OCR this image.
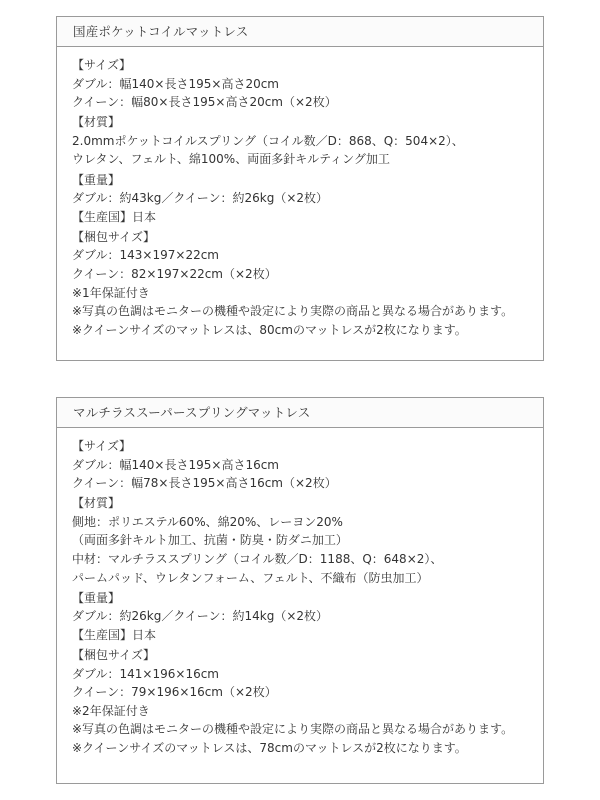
国産ポケットコイルマットレス
【サイズ】
ダブル：幅140×長さ195×高さ20cm
クイーン：幅80×長さ195×高さ20cm（×2枚）
【材質】
2.0mmポケットコイルスプリング（コイル数／D：868、Q：504×2）、
ウレタン、フェルト、綿100%、両面多針キルティング加工
【重量】
ダブル：約43kg／クイーン：約26kg（×2枚）
【生産国】日本
【梱包サイズ】
ダブル：143×197×22cm
クイーン：82×197×22cm（×2枚）
※1年保証付き
※写真の色調はモニターの機種や設定により実際の商品と異なる場合があります。
※クイーンサイズのマットレスは、80cmのマットレスが2枚になります。
マルチラススーパースプリングマットレス
【サイズ】
ダブル：幅140×長さ195×高さ16cm
クイーン：幅78×長さ195×高さ16cm（×2枚）
【材質】
側地：ポリエステル60%、綿20%、レーヨン20%
（両面多針キルト加工、抗菌・防臭・防ダニ加工）
中材：マルチラススプリング（コイル数／D：1188、Q：648×2）、
パームパッド、ウレタンフォーム、フェルト、不織布（防虫加工）
【重量】
ダブル：約26kg／クイーン：約14kg（×2枚）
【生産国】日本
【梱包サイズ】
ダブル：141×196×16cm
クイーン：79×196×16cm（×2枚）
※2年保証付き
※写真の色調はモニターの機種や設定により実際の商品と異なる場合があります。
※クイーンサイズのマットレスは、78cmのマットレスが2枚になります。
